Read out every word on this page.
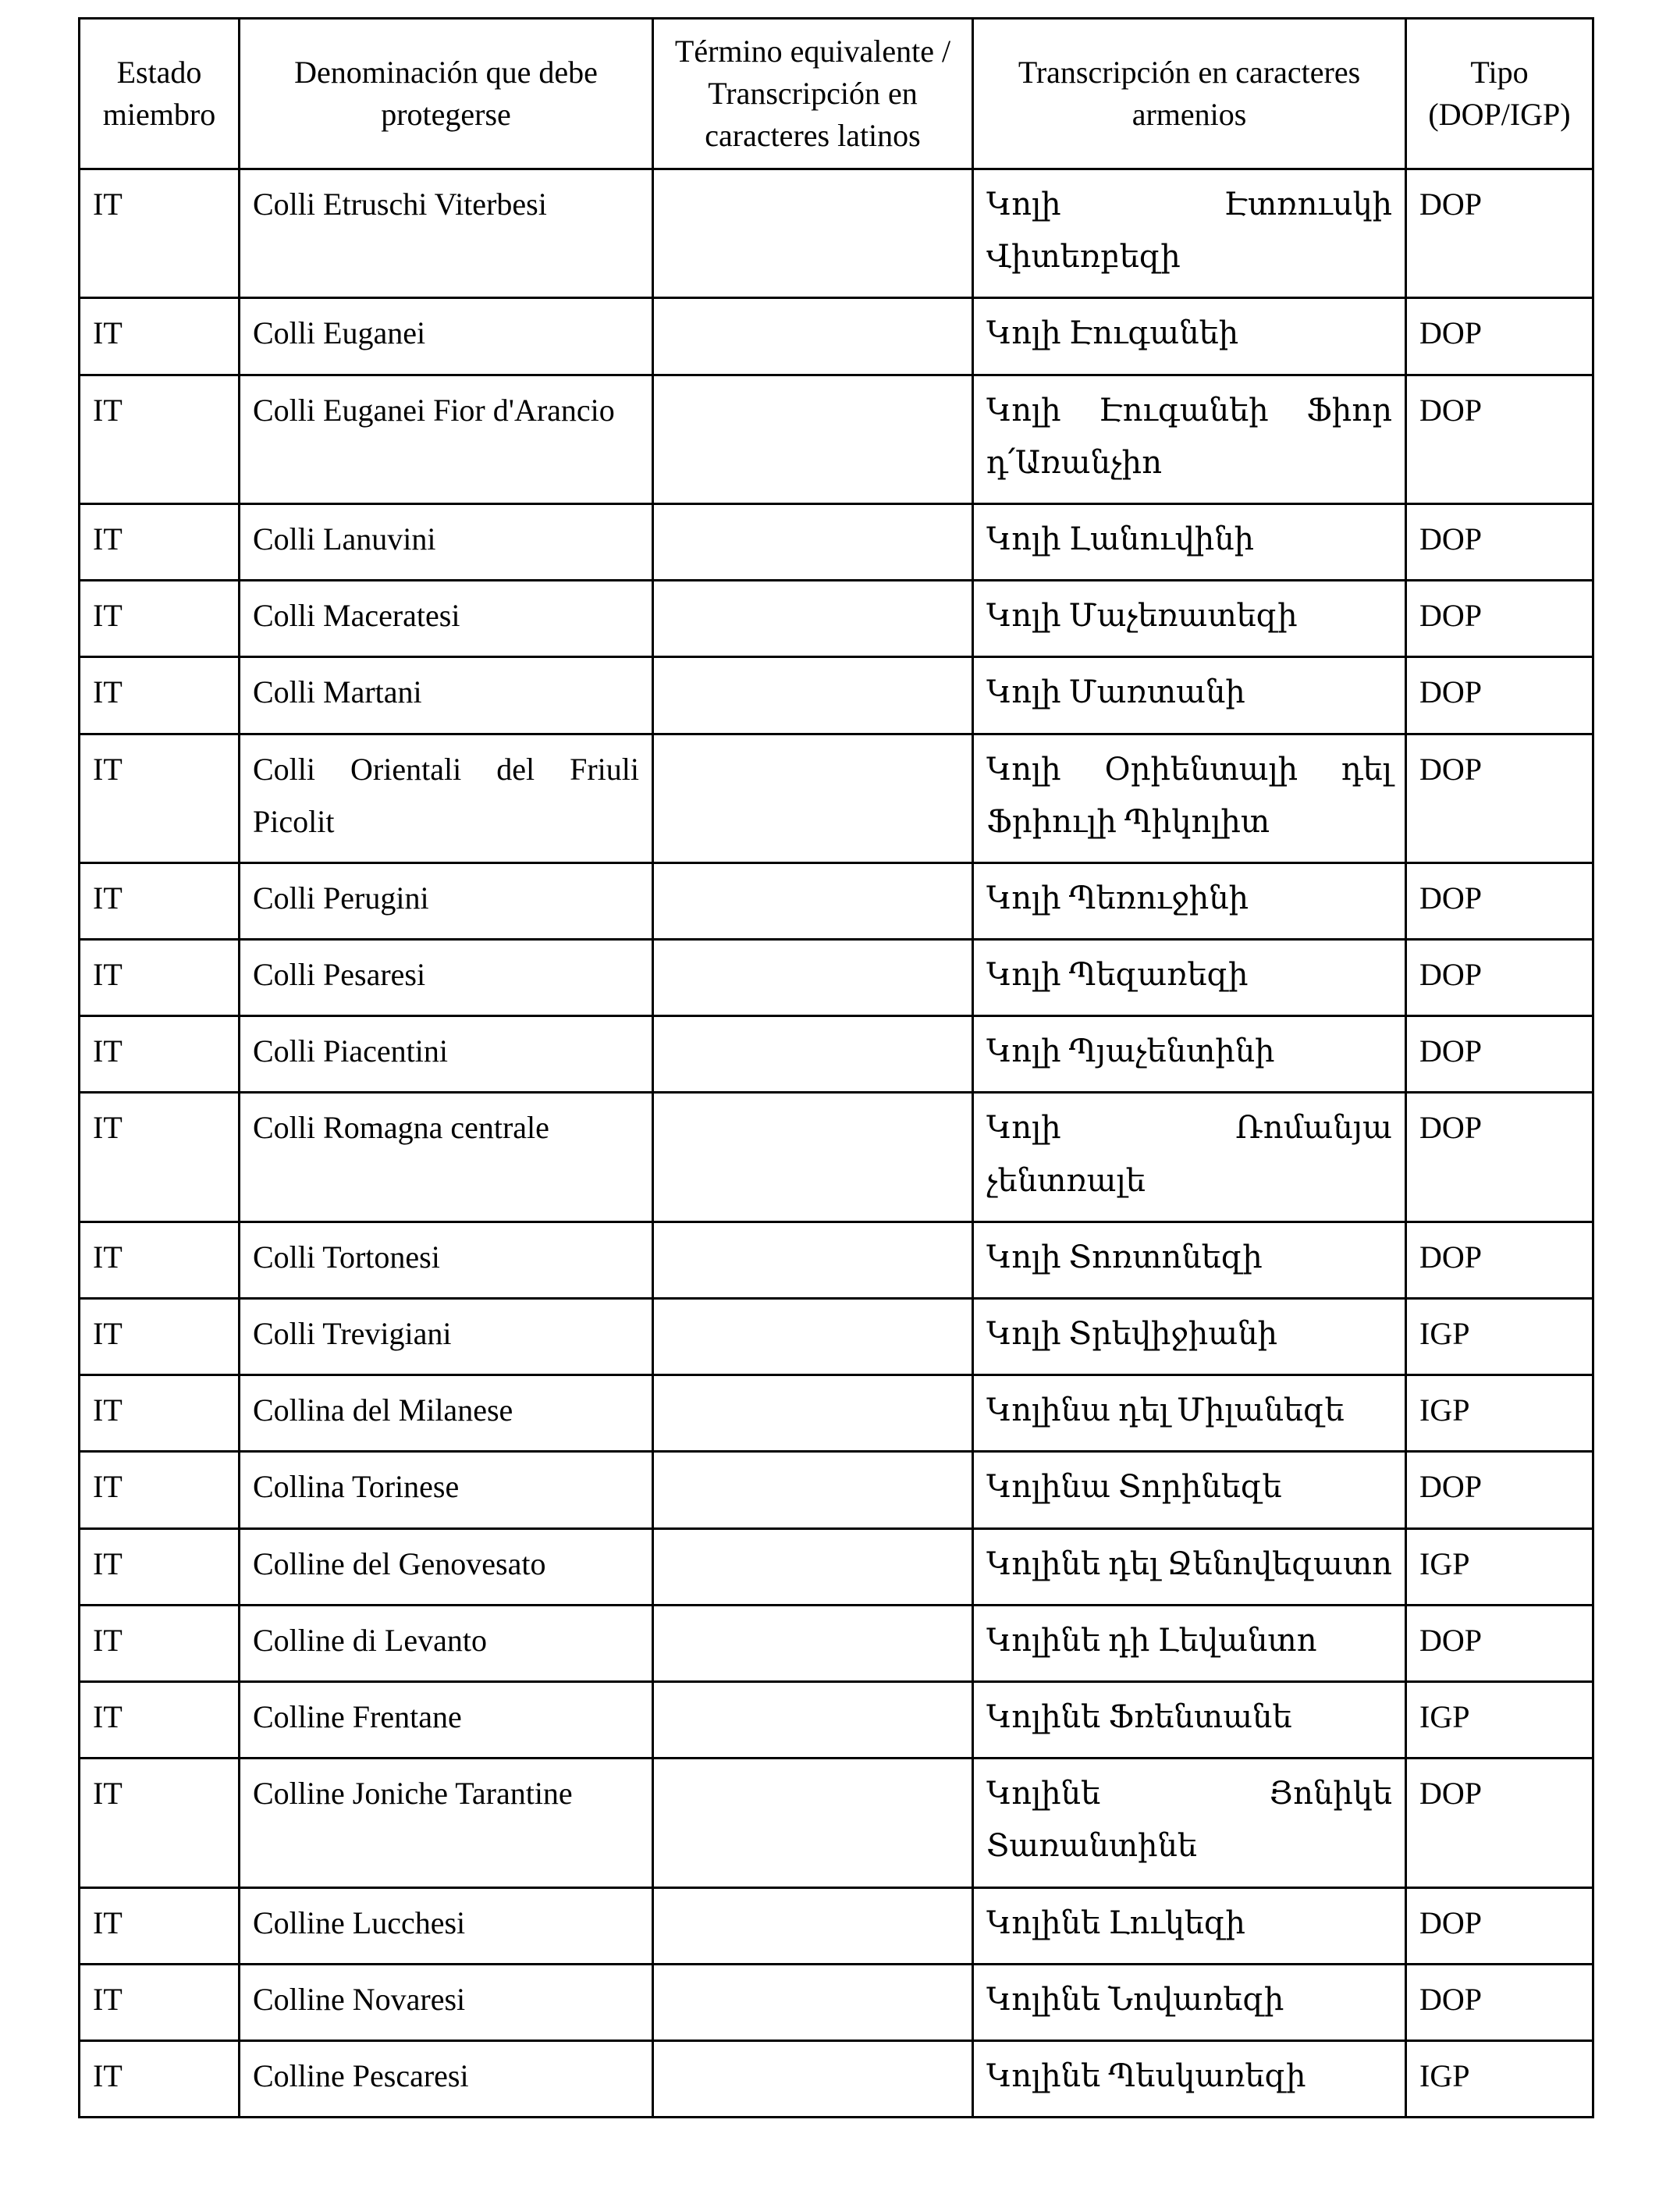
Estado miembro	Denominación que debe protegerse	Término equivalente / Transcripción en caracteres latinos	Transcripción en caracteres armenios	Tipo (DOP/IGP)
IT	Colli Etruschi Viterbesi		Կոլի Էտռուսկի Վիտեռբեզի	DOP
IT	Colli Euganei		Կոլի Էուգանեի	DOP
IT	Colli Euganei Fior d'Arancio		Կոլի Էուգանեի Ֆիոր դ՛Առանչիո	DOP
IT	Colli Lanuvini		Կոլի Լանուվինի	DOP
IT	Colli Maceratesi		Կոլի Մաչեռատեզի	DOP
IT	Colli Martani		Կոլի Մառտանի	DOP
IT	Colli Orientali del Friuli Picolit		Կոլի Օրիենտալի դել Ֆրիուլի Պիկոլիտ	DOP
IT	Colli Perugini		Կոլի Պեռուջինի	DOP
IT	Colli Pesaresi		Կոլի Պեզառեզի	DOP
IT	Colli Piacentini		Կոլի Պյաչենտինի	DOP
IT	Colli Romagna centrale		Կոլի Ռոմանյա չենտռալե	DOP
IT	Colli Tortonesi		Կոլի Տոռտոնեզի	DOP
IT	Colli Trevigiani		Կոլի Տրեվիջիանի	IGP
IT	Collina del Milanese		Կոլինա դել Միլանեզե	IGP
IT	Collina Torinese		Կոլինա Տորինեզե	DOP
IT	Colline del Genovesato		Կոլինե դել Ջենովեզատո	IGP
IT	Colline di Levanto		Կոլինե դի Լեվանտո	DOP
IT	Colline Frentane		Կոլինե Ֆռենտանե	IGP
IT	Colline Joniche Tarantine		Կոլինե Յոնիկե Տառանտինե	DOP
IT	Colline Lucchesi		Կոլինե Լուկեզի	DOP
IT	Colline Novaresi		Կոլինե Նովառեզի	DOP
IT	Colline Pescaresi		Կոլինե Պեսկառեզի	IGP
